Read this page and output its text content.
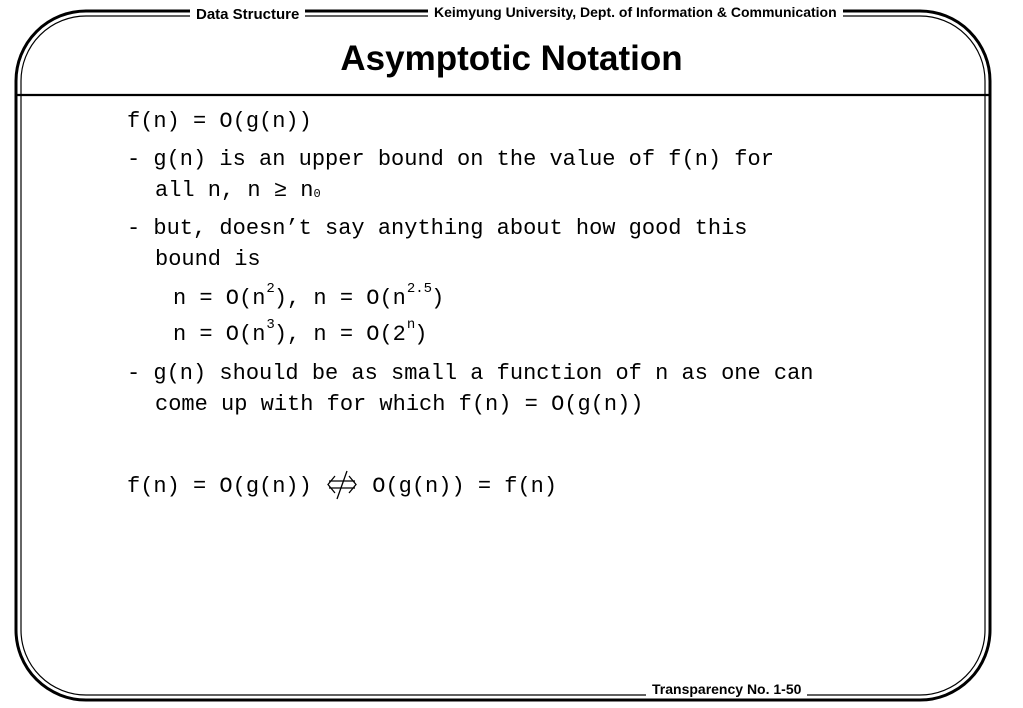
Data Structure	Keimyung University, Dept. of Information & Communication
Asymptotic Notation
f(n) = O(g(n))
- g(n) is an upper bound on the value of f(n) for
all n, n ≥ n0
- but, doesn’t say anything about how good this
bound is
$n = O(n^2)$, $n = O(n^{2.5})$
$n = O(n^3)$, $n = O(2^n)$
- g(n) should be as small a function of n as one can
come up with for which f(n) = O(g(n))
f(n) = O(g(n))  O(g(n)) = f(n)
Transparency No. 1-50
